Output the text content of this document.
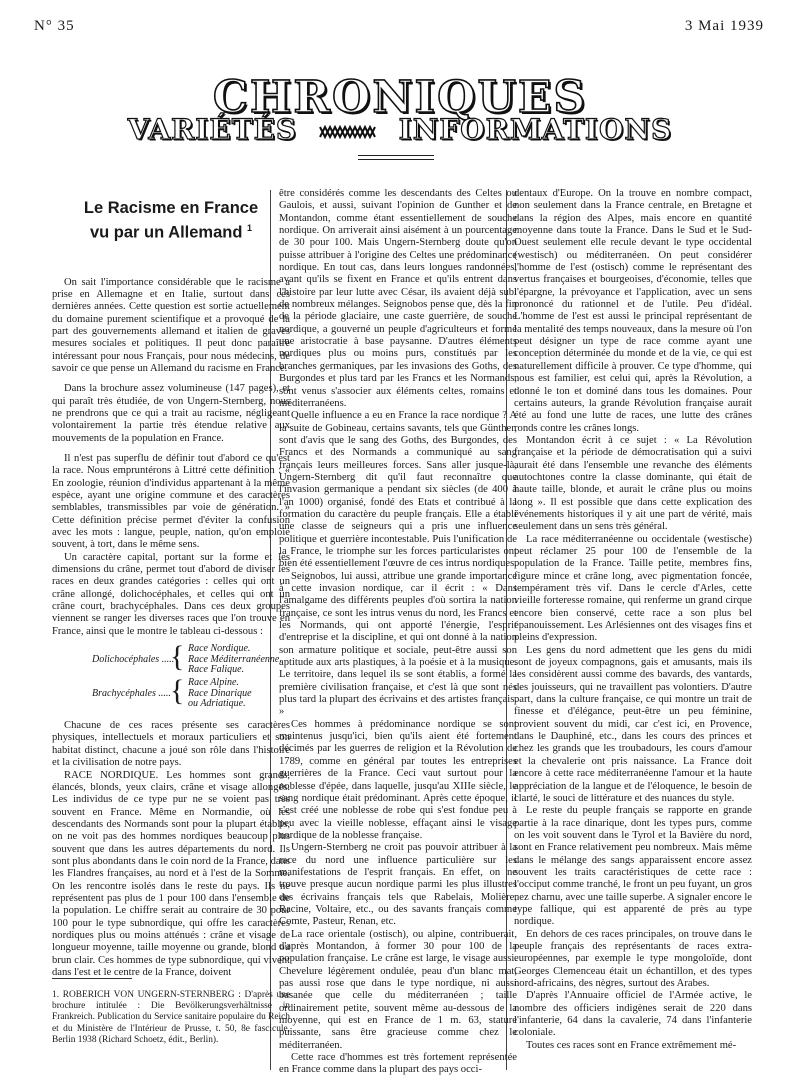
N° 35	3 Mai 1939
CHRONIQUES
VARIÉTÉS	INFORMATIONS
Le Racisme en France
vu par un Allemand $^1$

On sait l'importance considérable que le racisme a prise en Allemagne et en Italie, surtout dans ces dernières années. Cette question est sortie actuellement du domaine purement scientifique et a provoqué de la part des gouvernements allemand et italien de graves mesures sociales et politiques. Il peut donc paraître intéressant pour nous Français, pour nous médecins, de savoir ce que pense un Allemand du racisme en France.

Dans la brochure assez volumineuse (147 pages), et qui paraît très étudiée, de von Ungern-Sternberg, nous ne prendrons que ce qui a trait au racisme, négligeant volontairement la partie très étendue relative aux mouvements de la population en France.

Il n'est pas superflu de définir tout d'abord ce qu'est la race. Nous empruntérons à Littré cette définition : « En zoologie, réunion d'individus appartenant à la même espèce, ayant une origine commune et des caractères semblables, transmissibles par voie de génération. » Cette définition précise permet d'éviter la confusion avec les mots : langue, peuple, nation, qu'on emploie souvent, à tort, dans le même sens.

Un caractère capital, portant sur la forme et les dimensions du crâne, permet tout d'abord de diviser les races en deux grandes catégories : celles qui ont un crâne allongé, dolichocéphales, et celles qui ont un crâne court, brachycéphales. Dans ces deux groupes viennent se ranger les diverses races que l'on trouve en France, ainsi que le montre le tableau ci-dessous :

Dolichocéphales .....
{ Race Nordique.
Race Méditerranéenne.
Race Falique.
Brachycéphales ..... { Race Alpine.
Race Dinarique
ou Adriatique.

Chacune de ces races présente ses caractères physiques, intellectuels et moraux particuliers et son habitat distinct, chacune a joué son rôle dans l'histoire et la civilisation de notre pays.

RACE NORDIQUE. Les hommes sont grands, élancés, blonds, yeux clairs, crâne et visage allongés. Les individus de ce type pur ne se voient pas très souvent en France. Même en Normandie, où les descendants des Normands sont pour la plupart établis, on ne voit pas des hommes nordiques beaucoup plus souvent que dans les autres départements du nord. Ils sont plus abondants dans le coin nord de la France, dans les Flandres françaises, au nord et à l'est de la Somme. On les rencontre isolés dans le reste du pays. Ils ne représentent pas plus de 1 pour 100 dans l'ensemble de la population. Le chiffre serait au contraire de 30 pour 100 pour le type subnordique, qui offre les caractères nordiques plus ou moins atténués : crâne et visage de longueur moyenne, taille moyenne ou grande, blond ou brun clair. Ces hommes de type subnordique, qui vivent dans l'est et le centre de la France, doivent

1. ROBERICH VON UNGERN-STERNBERG : D'après une brochure intitulée : Die Bevölkerungsverhältnisse in Frankreich. Publication du Service sanitaire populaire du Reich et du Ministère de l'Intérieur de Prusse, t. 50, 8e fascicule, Berlin 1938 (Richard Schoetz, édit., Berlin).

être considérés comme les descendants des Celtes ou Gaulois, et aussi, suivant l'opinion de Gunther et de Montandon, comme étant essentiellement de souche nordique. On arriverait ainsi aisément à un pourcentage de 30 pour 100. Mais Ungern-Sternberg doute qu'on puisse attribuer à l'origine des Celtes une prédominance nordique. En tout cas, dans leurs longues randonnées, avant qu'ils se fixent en France et qu'ils entrent dans l'histoire par leur lutte avec César, ils avaient déjà subi de nombreux mélanges. Seignobos pense que, dès la fin de la période glaciaire, une caste guerrière, de souche nordique, a gouverné un peuple d'agriculteurs et formé une aristocratie à base paysanne. D'autres éléments nordiques plus ou moins purs, constitués par les branches germaniques, par les invasions des Goths, des Burgondes et plus tard par les Francs et les Normands, sont venus s'associer aux éléments celtes, romains et méditerranéens.

Quelle influence a eu en France la race nordique ? A la suite de Gobineau, certains savants, tels que Günther, sont d'avis que le sang des Goths, des Burgondes, des Francs et des Normands a communiqué au sang français leurs meilleures forces. Sans aller jusque-là, Ungern-Sternberg dit qu'il faut reconnaître que l'invasion germanique a pendant six siècles (de 400 à l'an 1000) organisé, fondé des Etats et contribué à la formation du caractère du peuple français. Elle a établi une classe de seigneurs qui a pris une influence politique et guerrière incontestable. Puis l'unification de la France, le triomphe sur les forces particularistes ont bien été essentiellement l'œuvre de ces intrus nordiques.

Seignobos, lui aussi, attribue une grande importance à cette invasion nordique, car il écrit : « Dans l'amalgame des différents peuples d'où sortira la nation française, ce sont les intrus venus du nord, les Francs et les Normands, qui ont apporté l'énergie, l'esprit d'entreprise et la discipline, et qui ont donné à la nation son armature politique et sociale, peut-être aussi son aptitude aux arts plastiques, à la poésie et à la musique. Le territoire, dans lequel ils se sont établis, a formé la première civilisation française, et c'est là que sont nés plus tard la plupart des écrivains et des artistes français. »

Ces hommes à prédominance nordique se sont maintenus jusqu'ici, bien qu'ils aient été fortement décimés par les guerres de religion et la Révolution de 1789, comme en général par toutes les entreprises guerrières de la France. Ceci vaut surtout pour la noblesse d'épée, dans laquelle, jusqu'au XIIIe siècle, le sang nordique était prédominant. Après cette époque, il s'est créé une noblesse de robe qui s'est fondue peu à peu avec la vieille noblesse, effaçant ainsi le visage nordique de la noblesse française.

Ungern-Sternberg ne croit pas pouvoir attribuer à la race du nord une influence particulière sur les manifestations de l'esprit français. En effet, on ne trouve presque aucun nordique parmi les plus illustres des écrivains français tels que Rabelais, Molière, Racine, Voltaire, etc., ou des savants français comme Comte, Pasteur, Renan, etc.

La race orientale (ostisch), ou alpine, contribuerait, d'après Montandon, à former 30 pour 100 de la population française. Le crâne est large, le visage aussi. Chevelure légèrement ondulée, peau d'un blanc mat, pas aussi rose que dans le type nordique, ni aussi basanée que celle du méditerranéen ; taille ordinairement petite, souvent même au-dessous de la moyenne, qui est en France de 1 m. 63, stature puissante, sans être gracieuse comme chez le méditerranéen.

Cette race d'hommes est très fortement représentée en France comme dans la plupart des pays occi-

dentaux d'Europe. On la trouve en nombre compact, non seulement dans la France centrale, en Bretagne et dans la région des Alpes, mais encore en quantité moyenne dans toute la France. Dans le Sud et le Sud-Ouest seulement elle recule devant le type occidental (westisch) ou méditerranéen. On peut considérer l'homme de l'est (ostisch) comme le représentant des vertus françaises et bourgeoises, d'économie, telles que l'épargne, la prévoyance et l'application, avec un sens prononcé du rationnel et de l'utile. Peu d'idéal. L'homme de l'est est aussi le principal représentant de la mentalité des temps nouveaux, dans la mesure où l'on peut désigner un type de race comme ayant une conception déterminée du monde et de la vie, ce qui est naturellement difficile à prouver. Ce type d'homme, qui nous est familier, est celui qui, après la Révolution, a donné le ton et dominé dans tous les domaines. Pour certains auteurs, la grande Révolution française aurait été au fond une lutte de races, une lutte des crânes ronds contre les crânes longs.

Montandon écrit à ce sujet : « La Révolution française et la période de démocratisation qui a suivi aurait été dans l'ensemble une revanche des éléments autochtones contre la classe dominante, qui était de haute taille, blonde, et aurait le crâne plus ou moins long ». Il est possible que dans cette explication des événements historiques il y ait une part de vérité, mais seulement dans un sens très général.

La race méditerranéenne ou occidentale (westische) peut réclamer 25 pour 100 de l'ensemble de la population de la France. Taille petite, membres fins, figure mince et crâne long, avec pigmentation foncée, tempérament très vif. Dans le cercle d'Arles, cette vieille forteresse romaine, qui renferme un grand cirque encore bien conservé, cette race a son plus bel épanouissement. Les Arlésiennes ont des visages fins et pleins d'expression.

Les gens du nord admettent que les gens du midi sont de joyeux compagnons, gais et amusants, mais ils les considèrent aussi comme des bavards, des vantards, des jouisseurs, qui ne travaillent pas volontiers. D'autre part, dans la culture française, ce qui montre un trait de finesse et d'élégance, peut-être un peu féminine, provient souvent du midi, car c'est ici, en Provence, dans le Dauphiné, etc., dans les cours des princes et chez les grands que les troubadours, les cours d'amour et la chevalerie ont pris naissance. La France doit encore à cette race méditerranéenne l'amour et la haute appréciation de la langue et de l'éloquence, le besoin de clarté, le souci de littérature et des nuances du style.

Le reste du peuple français se rapporte en grande partie à la race dinarique, dont les types purs, comme on les voit souvent dans le Tyrol et la Bavière du nord, sont en France relativement peu nombreux. Mais même dans le mélange des sangs apparaissent encore assez souvent les traits caractéristiques de cette race : l'occiput comme tranché, le front un peu fuyant, un gros nez charnu, avec une taille superbe. A signaler encore le type fallique, qui est apparenté de près au type nordique.

En dehors de ces races principales, on trouve dans le peuple français des représentants de races extra-européennes, par exemple le type mongoloïde, dont Georges Clemenceau était un échantillon, et des types nord-africains, des nègres, surtout des Arabes.

D'après l'Annuaire officiel de l'Armée active, le nombre des officiers indigènes serait de 220 dans l'infanterie, 64 dans la cavalerie, 74 dans l'infanterie coloniale.

Toutes ces races sont en France extrêmement mé-
